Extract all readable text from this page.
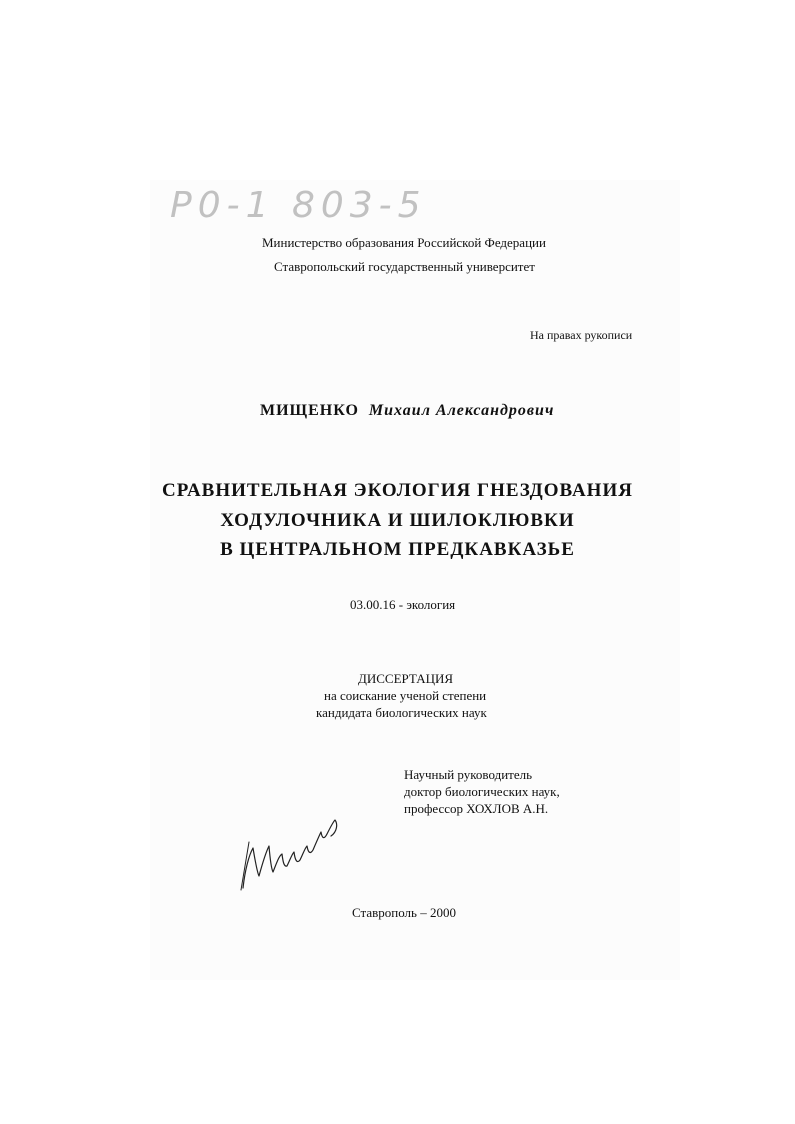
Р0-1 803-5
Министерство образования Российской Федерации
Ставропольский государственный университет
На правах рукописи
МИЩЕНКО Михаил Александрович
СРАВНИТЕЛЬНАЯ ЭКОЛОГИЯ ГНЕЗДОВАНИЯ
ХОДУЛОЧНИКА И ШИЛОКЛЮВКИ
В ЦЕНТРАЛЬНОМ ПРЕДКАВКАЗЬЕ
03.00.16 - экология
ДИССЕРТАЦИЯ
на соискание ученой степени
кандидата биологических наук
Научный руководитель
доктор биологических наук,
профессор ХОХЛОВ А.Н.
Ставрополь – 2000
